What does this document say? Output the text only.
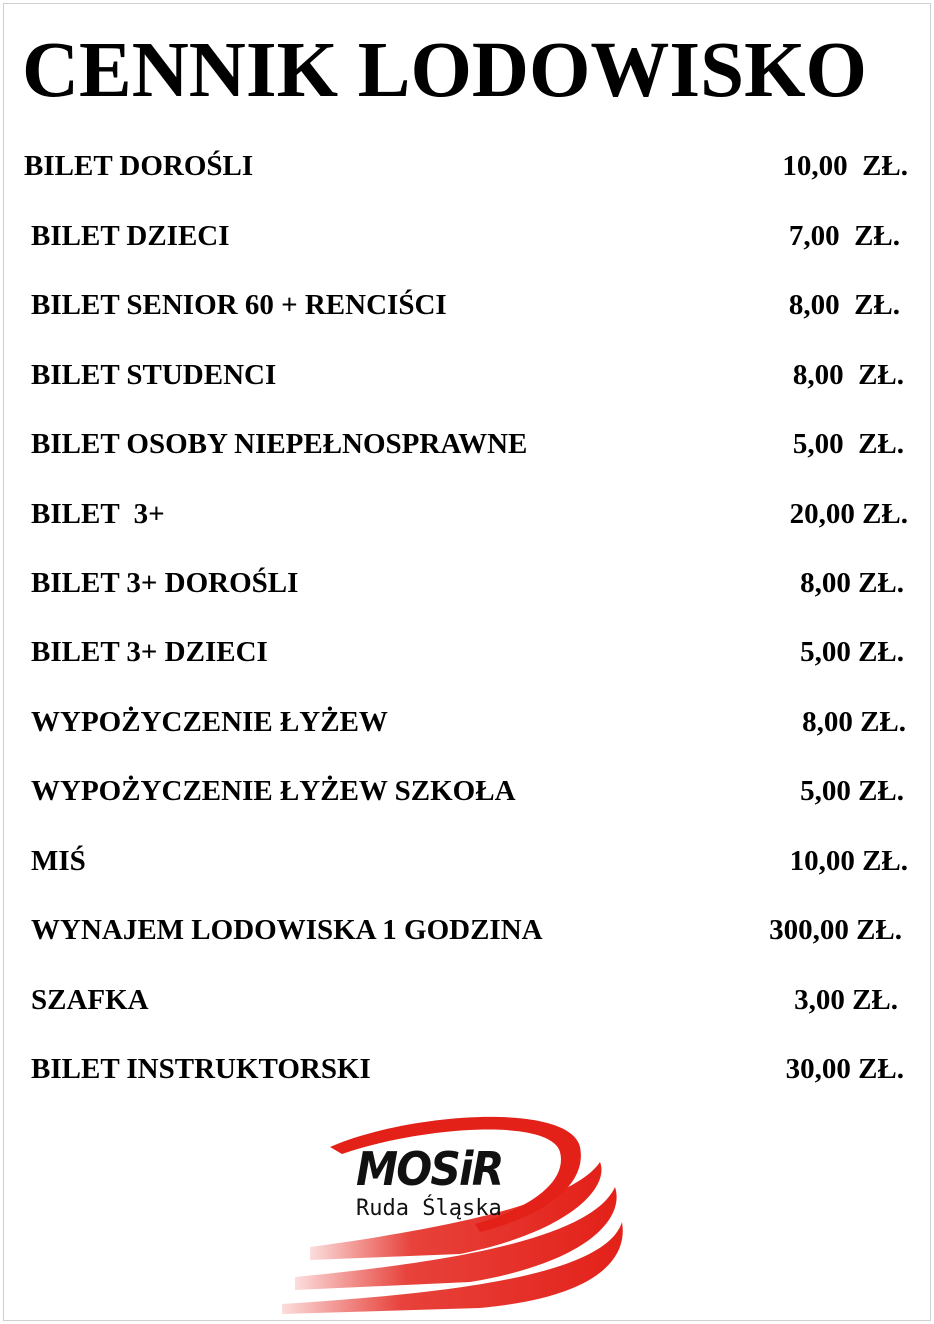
CENNIK LODOWISKO
BILET DOROŚLI	10,00  ZŁ.
BILET DZIECI	7,00  ZŁ.
BILET SENIOR 60 + RENCIŚCI	8,00  ZŁ.
BILET STUDENCI	8,00  ZŁ.
BILET OSOBY NIEPEŁNOSPRAWNE	5,00  ZŁ.
BILET  3+	20,00 ZŁ.
BILET 3+ DOROŚLI	8,00 ZŁ.
BILET 3+ DZIECI	5,00 ZŁ.
WYPOŻYCZENIE ŁYŻEW	8,00 ZŁ.
WYPOŻYCZENIE ŁYŻEW SZKOŁA	5,00 ZŁ.
MIŚ	10,00 ZŁ.
WYNAJEM LODOWISKA 1 GODZINA	300,00 ZŁ.
SZAFKA	3,00 ZŁ.
BILET INSTRUKTORSKI	30,00 ZŁ.
MOSiR
Ruda Śląska
